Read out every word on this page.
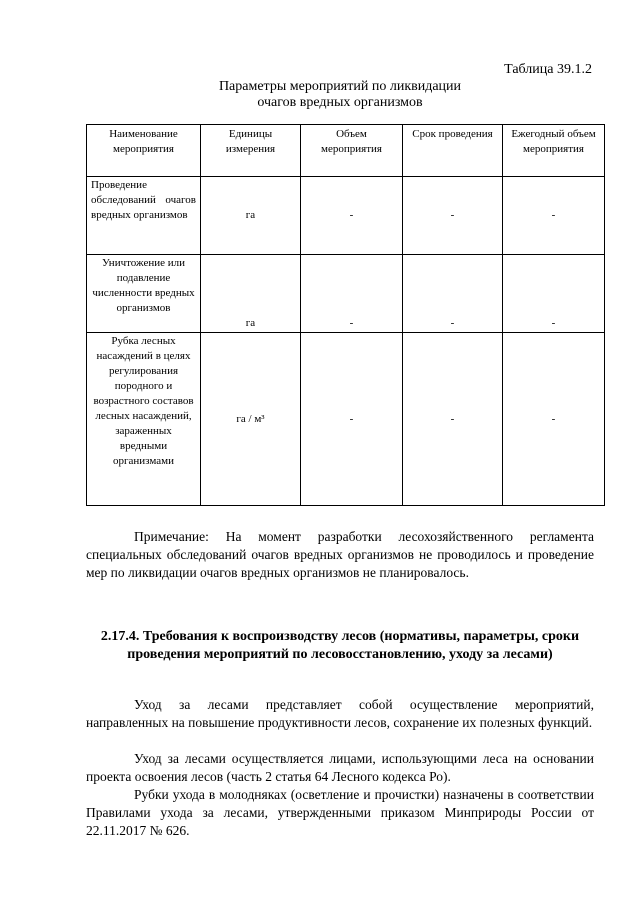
Таблица 39.1.2
Параметры мероприятий по ликвидации
очагов вредных организмов
Наименование мероприятия	Единицы измерения	Объем мероприятия	Срок проведения	Ежегодный объем мероприятия
Проведение обследований очагов вредных организмов	га	-	-	-
Уничтожение или подавление численности вредных организмов	га	-	-	-
Рубка лесных насаждений в целях регулирования породного и возрастного составов лесных насаждений, зараженных вредными организмами	га / м³	-	-	-

Примечание: На момент разработки лесохозяйственного регламента специальных обследований очагов вредных организмов не проводилось и проведение мер по ликвидации очагов вредных организмов не планировалось.

2.17.4. Требования к воспроизводству лесов (нормативы, параметры, сроки проведения мероприятий по лесовосстановлению, уходу за лесами)

Уход за лесами представляет собой осуществление мероприятий, направленных на повышение продуктивности лесов, сохранение их полезных функций.

Уход за лесами осуществляется лицами, использующими леса на основании проекта освоения лесов (часть 2 статья 64 Лесного кодекса Ро).

Рубки ухода в молодняках (осветление и прочистки) назначены в соответствии Правилами ухода за лесами, утвержденными приказом Минприроды России от 22.11.2017 № 626.
